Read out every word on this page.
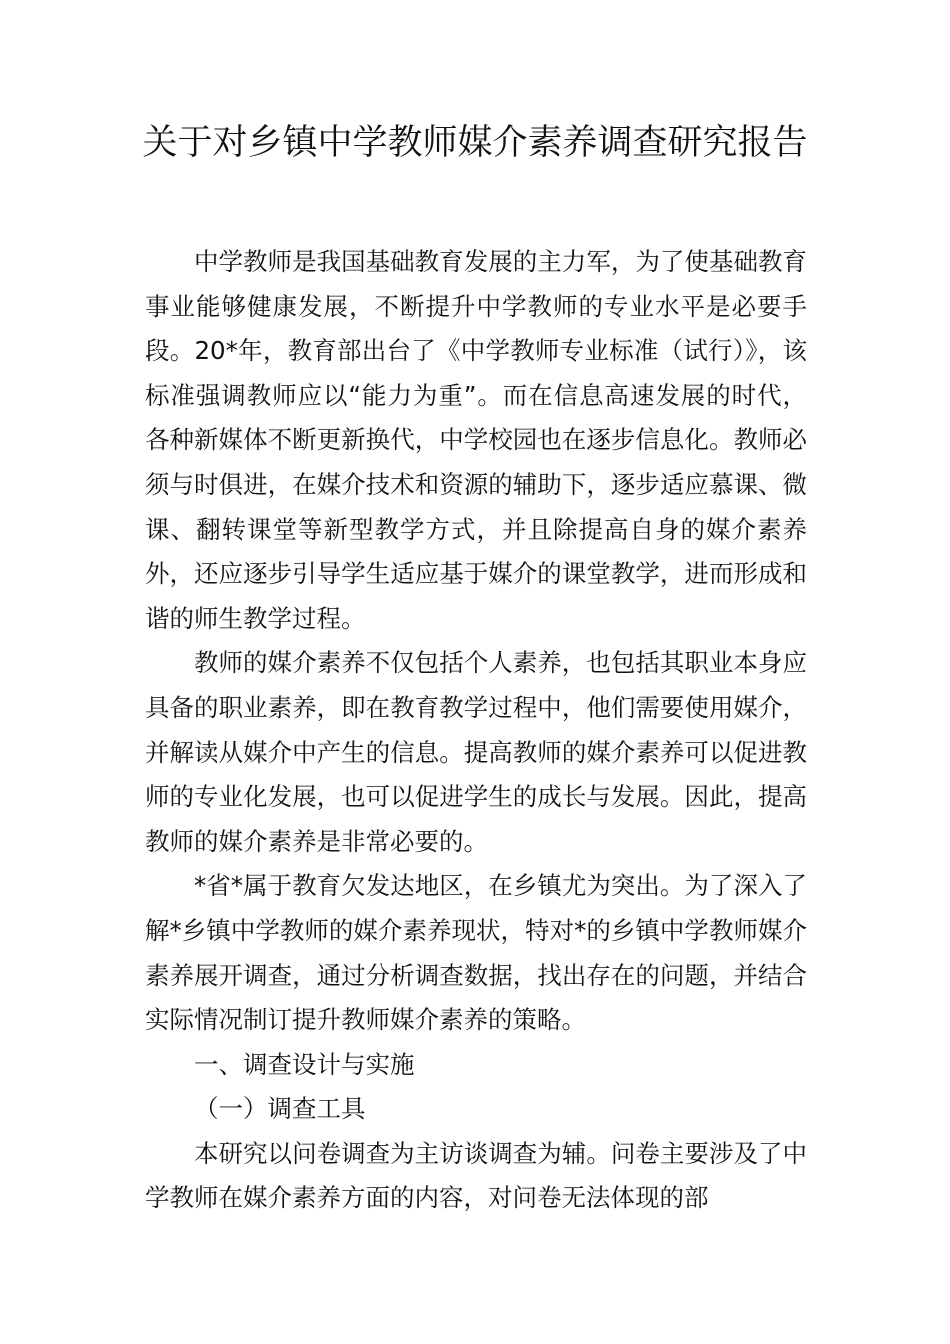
关于对乡镇中学教师媒介素养调查研究报告

中学教师是我国基础教育发展的主力军，为了使基础教育事业能够健康发展，不断提升中学教师的专业水平是必要手段。20*年，教育部出台了《中学教师专业标准（试行）》，该标准强调教师应以“能力为重”。而在信息高速发展的时代，各种新媒体不断更新换代，中学校园也在逐步信息化。教师必须与时俱进，在媒介技术和资源的辅助下，逐步适应慕课、微课、翻转课堂等新型教学方式，并且除提高自身的媒介素养外，还应逐步引导学生适应基于媒介的课堂教学，进而形成和谐的师生教学过程。

教师的媒介素养不仅包括个人素养，也包括其职业本身应具备的职业素养，即在教育教学过程中，他们需要使用媒介，并解读从媒介中产生的信息。提高教师的媒介素养可以促进教师的专业化发展，也可以促进学生的成长与发展。因此，提高教师的媒介素养是非常必要的。

*省*属于教育欠发达地区，在乡镇尤为突出。为了深入了解*乡镇中学教师的媒介素养现状，特对*的乡镇中学教师媒介素养展开调查，通过分析调查数据，找出存在的问题，并结合实际情况制订提升教师媒介素养的策略。

一、调查设计与实施

（一）调查工具

本研究以问卷调查为主访谈调查为辅。问卷主要涉及了中学教师在媒介素养方面的内容，对问卷无法体现的部
